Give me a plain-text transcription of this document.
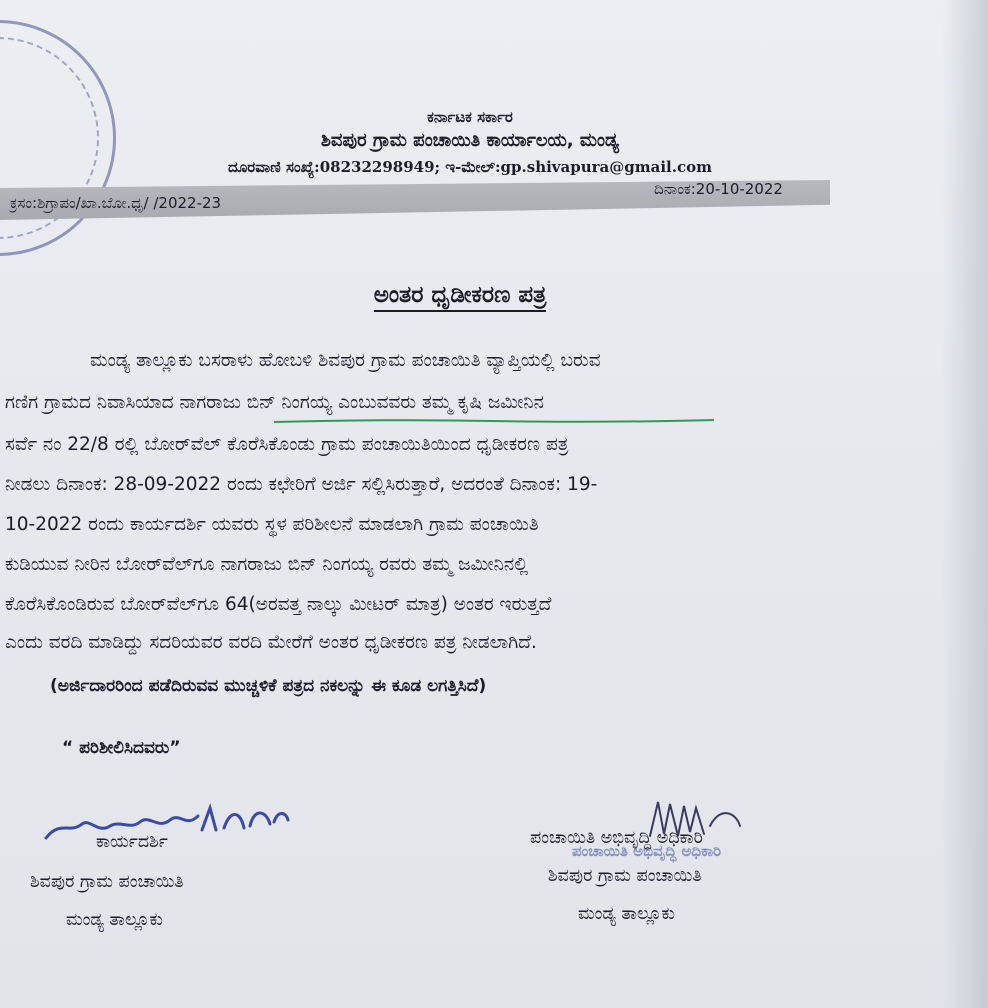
ಕರ್ನಾಟಕ ಸರ್ಕಾರ
ಶಿವಪುರ ಗ್ರಾಮ ಪಂಚಾಯಿತಿ ಕಾರ್ಯಾಲಯ, ಮಂಡ್ಯ
ದೂರವಾಣಿ ಸಂಖ್ಯೆ:08232298949; ಇ-ಮೇಲ್:gp.shivapura@gmail.com
ಕ್ರಸಂ:ಶಿಗ್ರಾಪಂ/ಖಾ.ಬೋ.ಧೃ/ /2022-23
ದಿನಾಂಕ:20-10-2022
ಅಂತರ ಧೃಡೀಕರಣ ಪತ್ರ
ಮಂಡ್ಯ ತಾಲ್ಲೂಕು ಬಸರಾಳು ಹೋಬಳಿ ಶಿವಪುರ ಗ್ರಾಮ ಪಂಚಾಯಿತಿ ವ್ಯಾಪ್ತಿಯಲ್ಲಿ ಬರುವ
ಗಣಿಗ ಗ್ರಾಮದ ನಿವಾಸಿಯಾದ ನಾಗರಾಜು ಬಿನ್ ನಿಂಗಯ್ಯ ಎಂಬುವವರು ತಮ್ಮ ಕೃಷಿ ಜಮೀನಿನ
ಸರ್ವೆ ನಂ 22/8 ರಲ್ಲಿ ಬೋರ್‌ವೆಲ್ ಕೊರೆಸಿಕೊಂಡು ಗ್ರಾಮ ಪಂಚಾಯಿತಿಯಿಂದ ಧೃಡೀಕರಣ ಪತ್ರ
ನೀಡಲು ದಿನಾಂಕ: 28-09-2022 ರಂದು ಕಛೇರಿಗೆ ಅರ್ಜಿ ಸಲ್ಲಿಸಿರುತ್ತಾರೆ, ಅದರಂತೆ ದಿನಾಂಕ: 19-
10-2022 ರಂದು ಕಾರ್ಯದರ್ಶಿ ಯವರು ಸ್ಥಳ ಪರಿಶೀಲನೆ ಮಾಡಲಾಗಿ ಗ್ರಾಮ ಪಂಚಾಯಿತಿ
ಕುಡಿಯುವ ನೀರಿನ ಬೋರ್‌ವೆಲ್‌ಗೂ ನಾಗರಾಜು ಬಿನ್ ನಿಂಗಯ್ಯ ರವರು ತಮ್ಮ ಜಮೀನಿನಲ್ಲಿ
ಕೊರೆಸಿಕೊಂಡಿರುವ ಬೋರ್‌ವೆಲ್‌ಗೂ 64(ಅರವತ್ತ ನಾಲ್ಕು ಮೀಟರ್ ಮಾತ್ರ) ಅಂತರ ಇರುತ್ತದೆ
ಎಂದು ವರದಿ ಮಾಡಿದ್ದು ಸದರಿಯವರ ವರದಿ ಮೇರೆಗೆ ಅಂತರ ಧೃಡೀಕರಣ ಪತ್ರ ನೀಡಲಾಗಿದೆ.
(ಅರ್ಜಿದಾರರಿಂದ ಪಡೆದಿರುವವ ಮುಚ್ಚಳಿಕೆ ಪತ್ರದ ನಕಲನ್ನು ಈ ಕೂಡ ಲಗತ್ತಿಸಿದೆ)
“ ಪರಿಶೀಲಿಸಿದವರು”
ಕಾರ್ಯದರ್ಶಿ
ಶಿವಪುರ ಗ್ರಾಮ ಪಂಚಾಯಿತಿ
ಮಂಡ್ಯ ತಾಲ್ಲೂಕು
ಪಂಚಾಯಿತಿ ಅಭಿವೃದ್ಧಿ ಅಧಿಕಾರಿ
ಪಂಚಾಯಿತಿ ಅಭಿವೃದ್ಧಿ ಅಧಿಕಾರಿ
ಶಿವಪುರ ಗ್ರಾಮ ಪಂಚಾಯಿತಿ
ಮಂಡ್ಯ ತಾಲ್ಲೂಕು
